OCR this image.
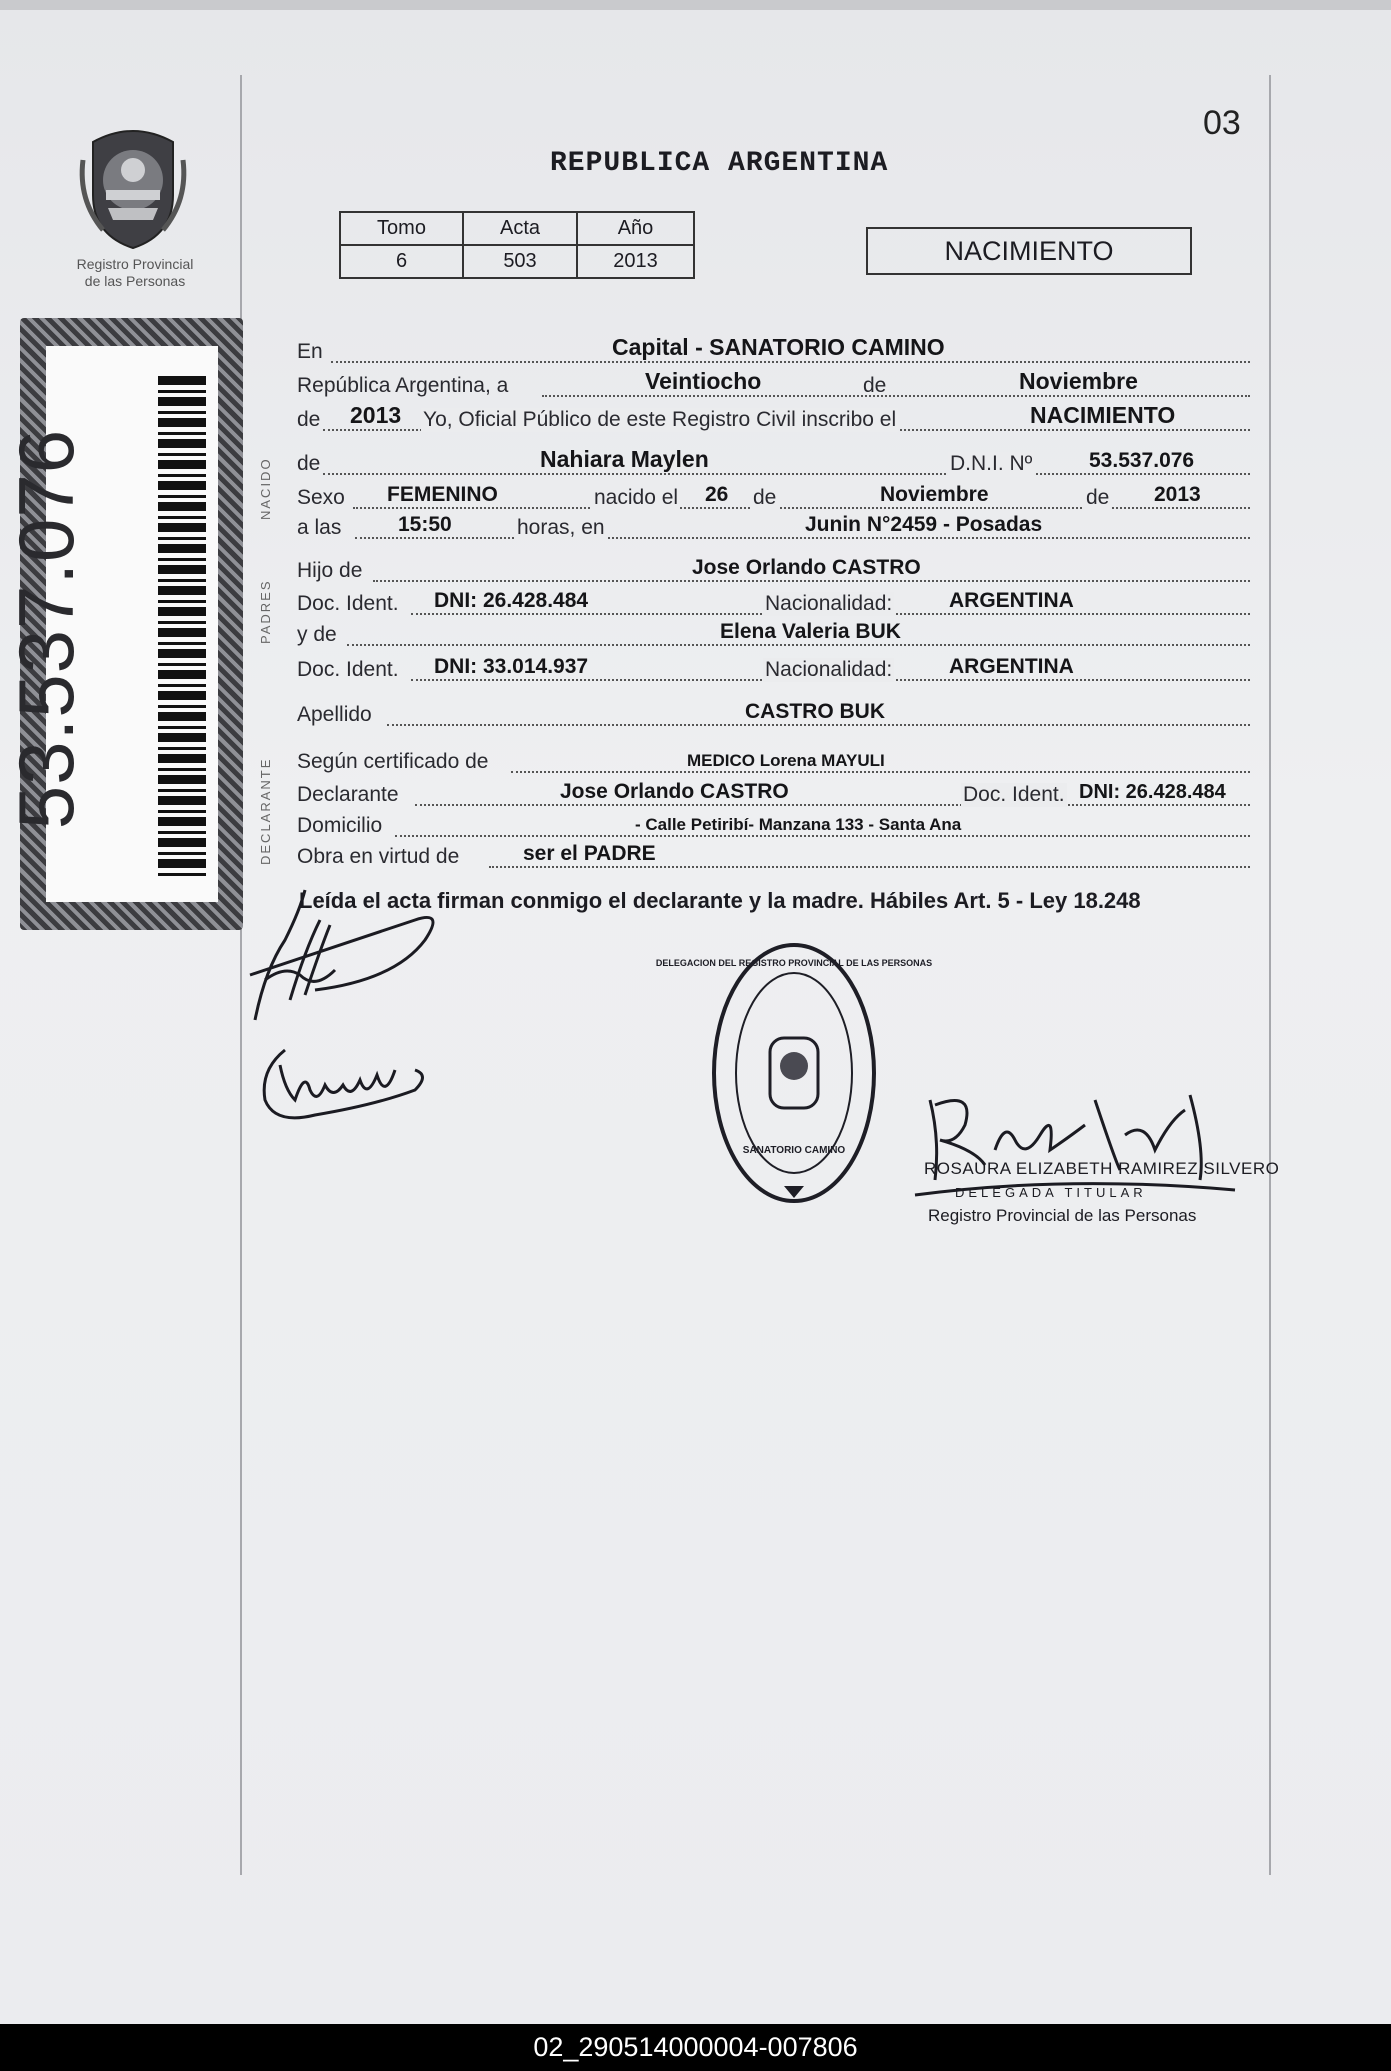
03
REPUBLICA ARGENTINA
Tomo	Acta	Año
6	503	2013	NACIMIENTO
Registro Provincial
de las Personas
53.537.076	NACIDO
PADRES
DECLARANTE
En	Capital - SANATORIO CAMINO
República Argentina, a	Veintiocho	de	Noviembre
de 2013 Yo, Oficial Público de este Registro Civil inscribo el	NACIMIENTO
de	Nahiara Maylen	D.N.I. Nº	53.537.076
Sexo FEMENINO	nacido el 26 de	Noviembre	de 2013
a las	15:50	horas, en	Junin N°2459 - Posadas
Hijo de	Jose Orlando CASTRO
Doc. Ident. DNI: 26.428.484	Nacionalidad:	ARGENTINA
y de	Elena Valeria BUK
Doc. Ident. DNI: 33.014.937	Nacionalidad:	ARGENTINA
Apellido	CASTRO BUK
Según certificado de	MEDICO Lorena MAYULI
Declarante	Jose Orlando CASTRO	Doc. Ident. DNI: 26.428.484
Domicilio	- Calle Petiribí- Manzana 133 - Santa Ana
Obra en virtud de	ser el PADRE
Leída el acta firman conmigo el declarante y la madre. Hábiles Art. 5 - Ley 18.248
DELEGACION DEL REGISTRO PROVINCIAL DE LAS PERSONAS
SANATORIO CAMINO
ROSAURA ELIZABETH RAMIREZ SILVERO
DELEGADA TITULAR
Registro Provincial de las Personas
02_290514000004-007806
